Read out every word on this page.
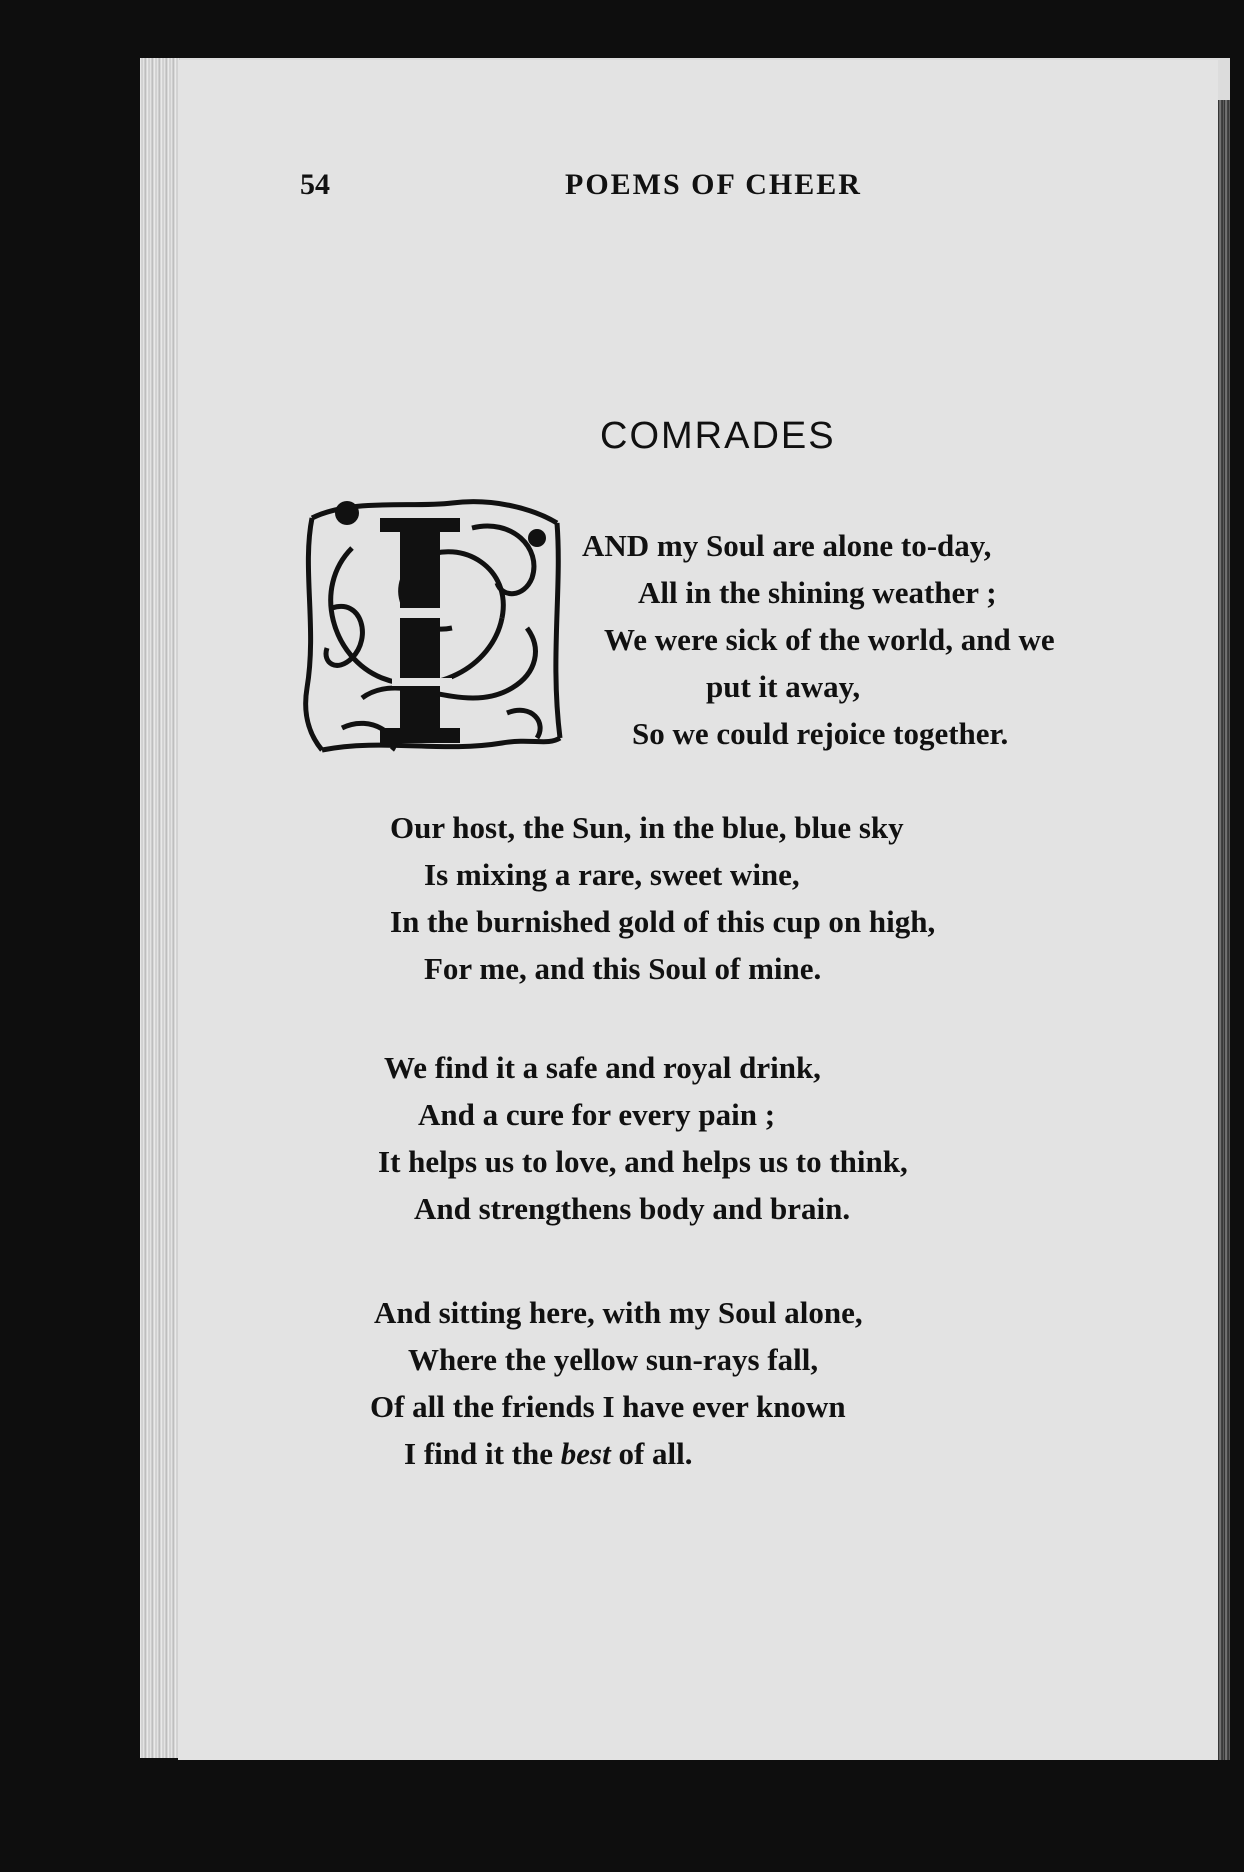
54	POEMS OF CHEER
COMRADES
AND my Soul are alone to-day,
All in the shining weather ;
We were sick of the world, and we
put it away,
So we could rejoice together.
Our host, the Sun, in the blue, blue sky
Is mixing a rare, sweet wine,
In the burnished gold of this cup on high,
For me, and this Soul of mine.
We find it a safe and royal drink,
And a cure for every pain ;
It helps us to love, and helps us to think,
And strengthens body and brain.
And sitting here, with my Soul alone,
Where the yellow sun-rays fall,
Of all the friends I have ever known
I find it the best of all.
